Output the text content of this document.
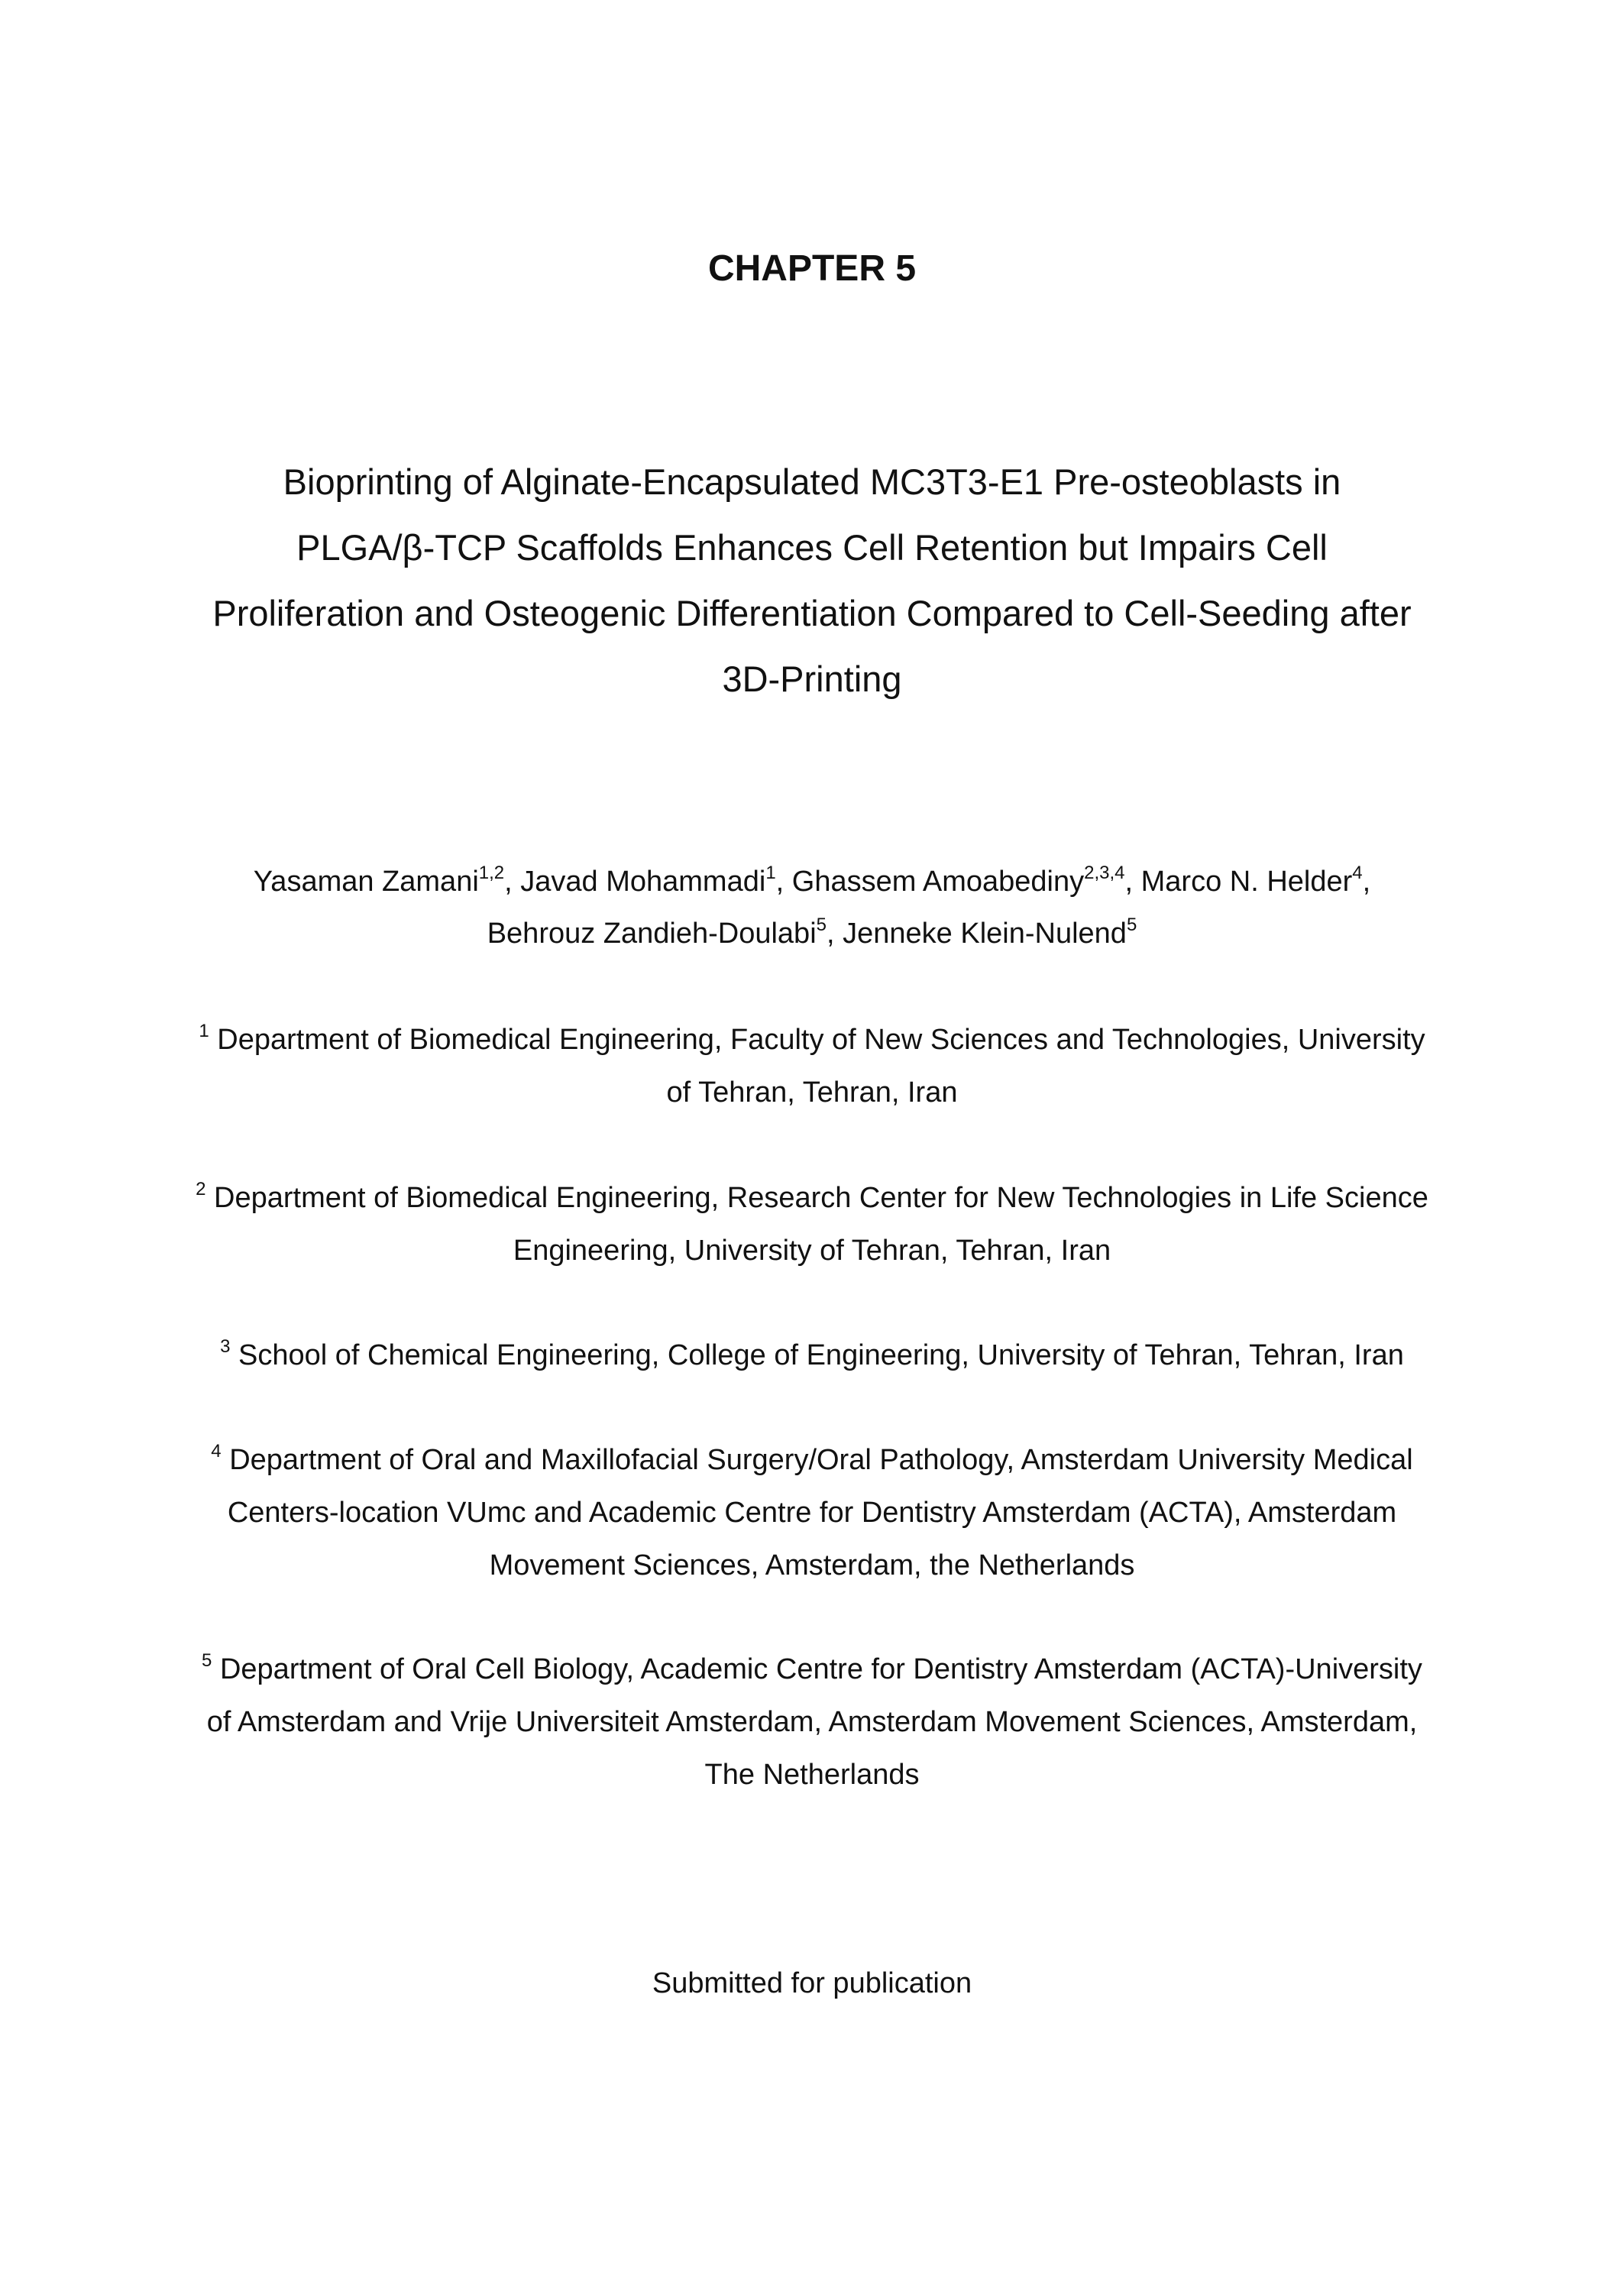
CHAPTER 5
Bioprinting of Alginate-Encapsulated MC3T3-E1 Pre-osteoblasts in
PLGA/β-TCP Scaffolds Enhances Cell Retention but Impairs Cell
Proliferation and Osteogenic Differentiation Compared to Cell-Seeding after
3D-Printing
Yasaman Zamani$^{1,2}$, Javad Mohammadi$^1$, Ghassem Amoabediny$^{2,3,4}$, Marco N. Helder$^4$,
Behrouz Zandieh-Doulabi$^5$, Jenneke Klein-Nulend$^5$
$^1$ Department of Biomedical Engineering, Faculty of New Sciences and Technologies, University
of Tehran, Tehran, Iran
$^2$ Department of Biomedical Engineering, Research Center for New Technologies in Life Science
Engineering, University of Tehran, Tehran, Iran
$^3$ School of Chemical Engineering, College of Engineering, University of Tehran, Tehran, Iran
$^4$ Department of Oral and Maxillofacial Surgery/Oral Pathology, Amsterdam University Medical
Centers-location VUmc and Academic Centre for Dentistry Amsterdam (ACTA), Amsterdam
Movement Sciences, Amsterdam, the Netherlands
$^5$ Department of Oral Cell Biology, Academic Centre for Dentistry Amsterdam (ACTA)-University
of Amsterdam and Vrije Universiteit Amsterdam, Amsterdam Movement Sciences, Amsterdam,
The Netherlands
Submitted for publication
